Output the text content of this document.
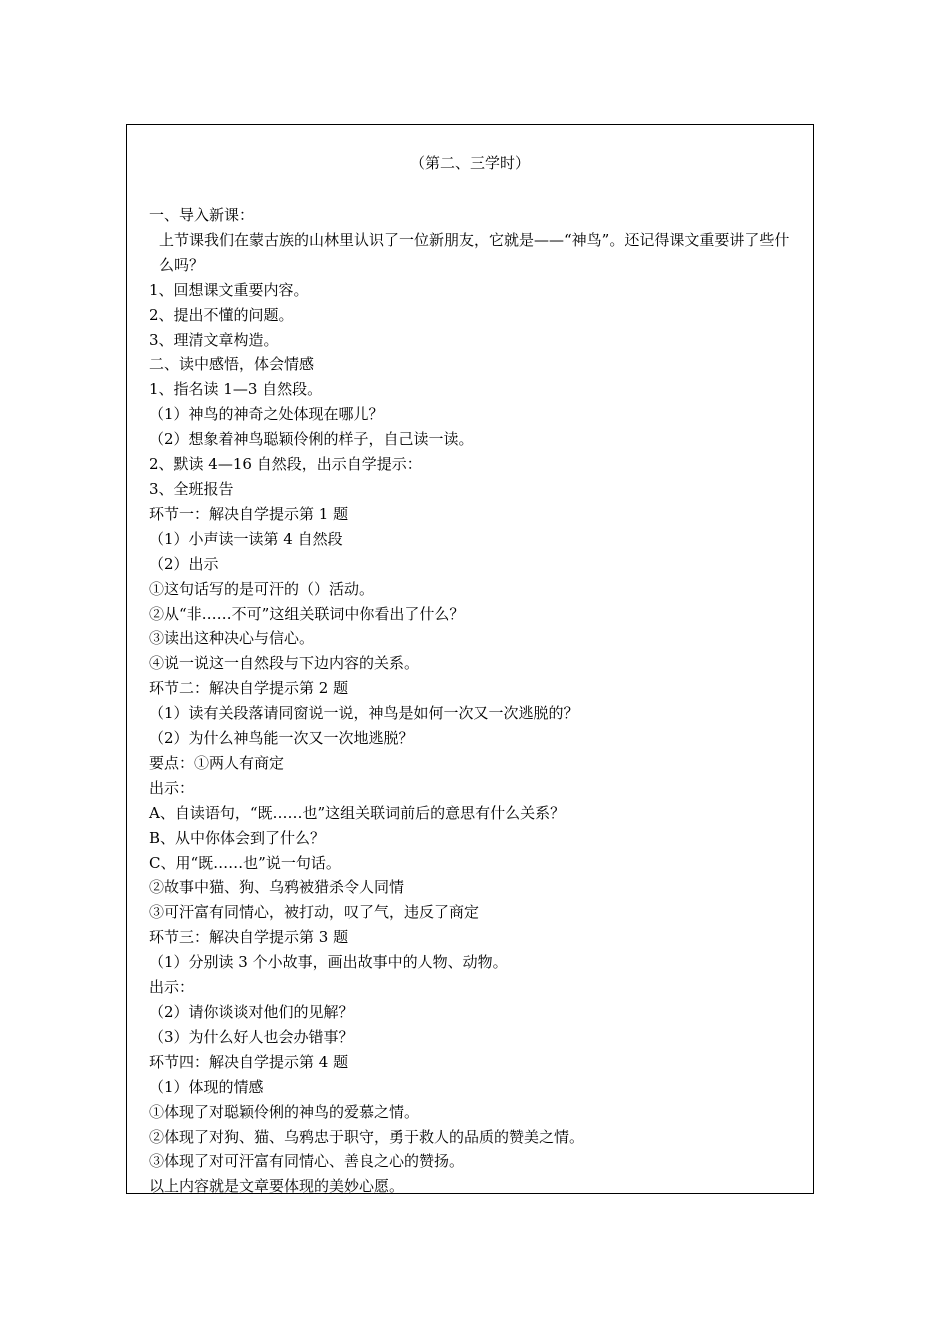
（第二、三学时）
一、导入新课：
上节课我们在蒙古族的山林里认识了一位新朋友，它就是——“神鸟”。还记得课文重要讲了些什么吗？
1、回想课文重要内容。
2、提出不懂的问题。
3、理清文章构造。
二、读中感悟，体会情感
1、指名读 1—3 自然段。
（1）神鸟的神奇之处体现在哪儿？
（2）想象着神鸟聪颖伶俐的样子，自己读一读。
2、默读 4—16 自然段，出示自学提示：
3、全班报告
环节一：解决自学提示第 1 题
（1）小声读一读第 4 自然段
（2）出示
①这句话写的是可汗的（）活动。
②从“非……不可”这组关联词中你看出了什么？
③读出这种决心与信心。
④说一说这一自然段与下边内容的关系。
环节二：解决自学提示第 2 题
（1）读有关段落请同窗说一说，神鸟是如何一次又一次逃脱的？
（2）为什么神鸟能一次又一次地逃脱？
要点：①两人有商定
出示：
A、自读语句，“既……也”这组关联词前后的意思有什么关系？
B、从中你体会到了什么？
C、用“既……也”说一句话。
②故事中猫、狗、乌鸦被猎杀令人同情
③可汗富有同情心，被打动，叹了气，违反了商定
环节三：解决自学提示第 3 题
（1）分别读 3 个小故事，画出故事中的人物、动物。
出示：
（2）请你谈谈对他们的见解？
（3）为什么好人也会办错事？
环节四：解决自学提示第 4 题
（1）体现的情感
①体现了对聪颖伶俐的神鸟的爱慕之情。
②体现了对狗、猫、乌鸦忠于职守，勇于救人的品质的赞美之情。
③体现了对可汗富有同情心、善良之心的赞扬。
以上内容就是文章要体现的美妙心愿。
